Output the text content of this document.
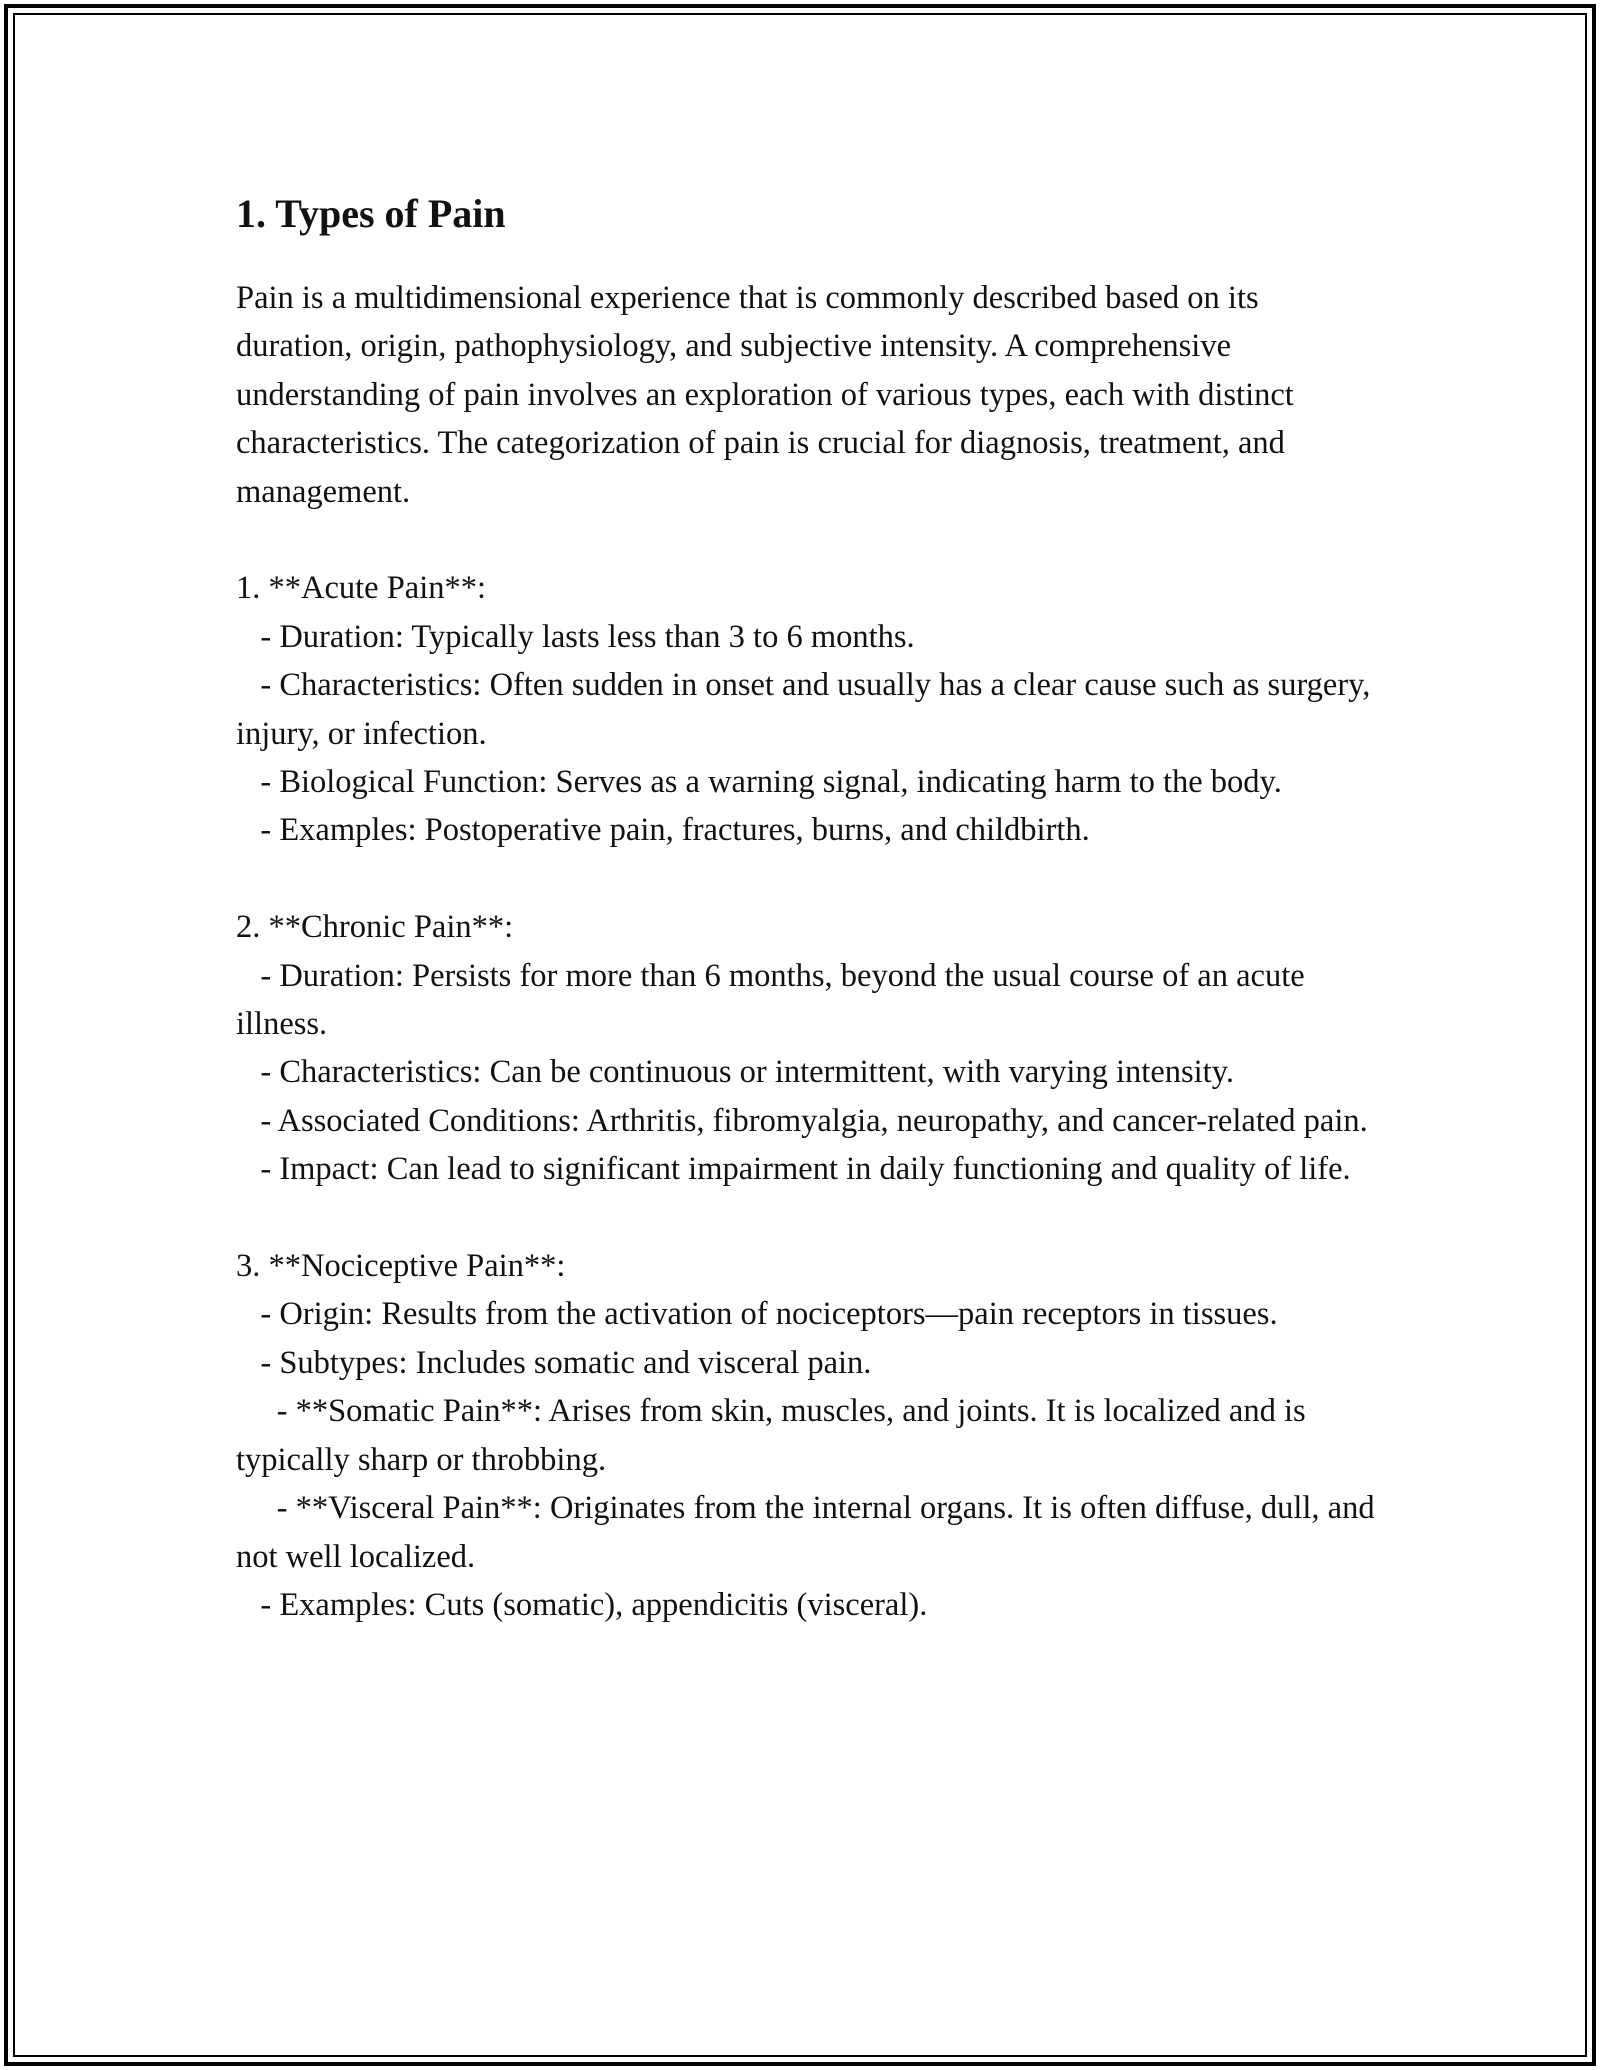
1. Types of Pain

Pain is a multidimensional experience that is commonly described based on its duration, origin, pathophysiology, and subjective intensity. A comprehensive understanding of pain involves an exploration of various types, each with distinct characteristics. The categorization of pain is crucial for diagnosis, treatment, and management.

1. **Acute Pain**:

- Duration: Typically lasts less than 3 to 6 months.

- Characteristics: Often sudden in onset and usually has a clear cause such as surgery, injury, or infection.

- Biological Function: Serves as a warning signal, indicating harm to the body.

- Examples: Postoperative pain, fractures, burns, and childbirth.

2. **Chronic Pain**:

- Duration: Persists for more than 6 months, beyond the usual course of an acute illness.

- Characteristics: Can be continuous or intermittent, with varying intensity.

- Associated Conditions: Arthritis, fibromyalgia, neuropathy, and cancer-related pain.

- Impact: Can lead to significant impairment in daily functioning and quality of life.

3. **Nociceptive Pain**:

- Origin: Results from the activation of nociceptors—pain receptors in tissues.

- Subtypes: Includes somatic and visceral pain.

- **Somatic Pain**: Arises from skin, muscles, and joints. It is localized and is typically sharp or throbbing.

- **Visceral Pain**: Originates from the internal organs. It is often diffuse, dull, and not well localized.

- Examples: Cuts (somatic), appendicitis (visceral).
